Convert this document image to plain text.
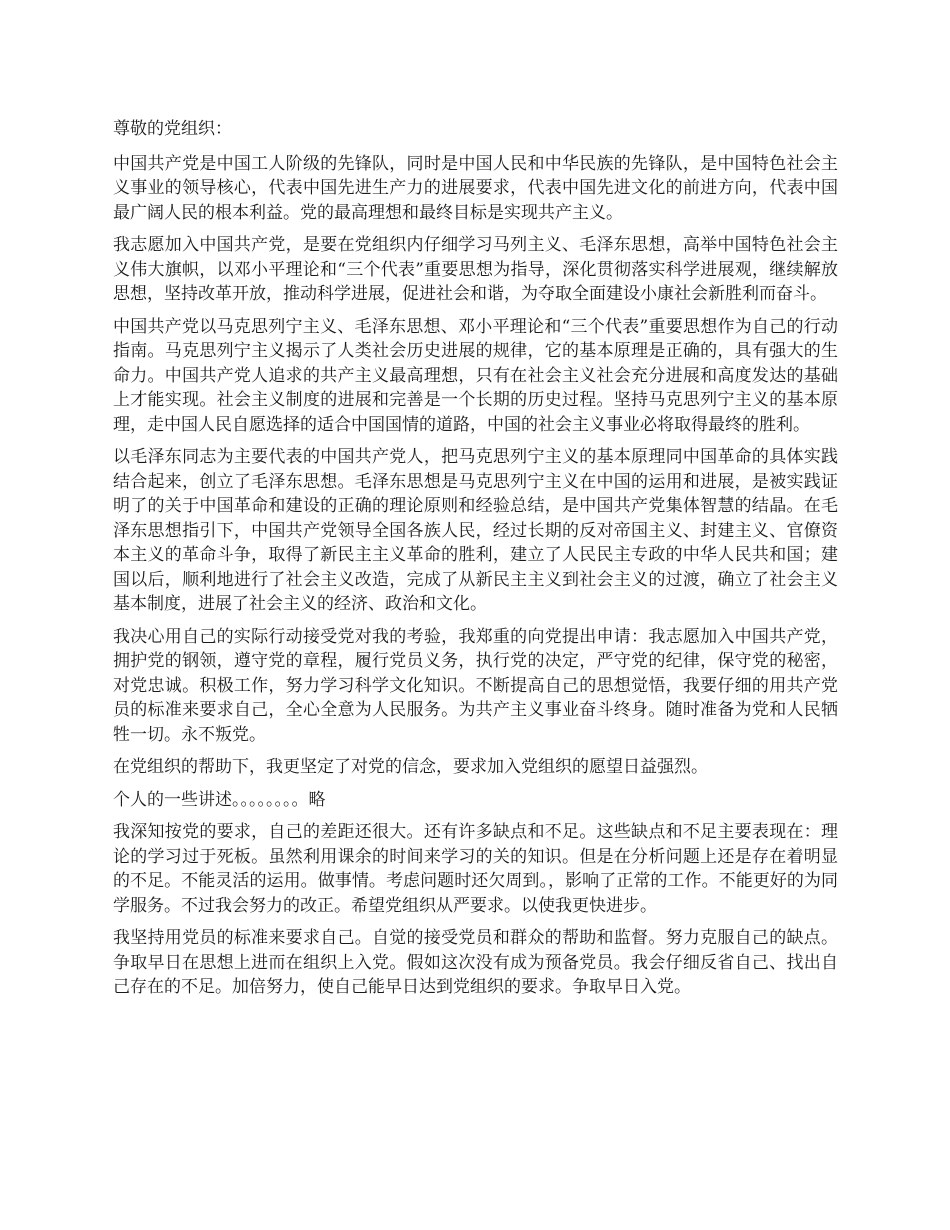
尊敬的党组织：

中国共产党是中国工人阶级的先锋队，同时是中国人民和中华民族的先锋队，是中国特色社会主义事业的领导核心，代表中国先进生产力的进展要求，代表中国先进文化的前进方向，代表中国最广阔人民的根本利益。党的最高理想和最终目标是实现共产主义。

我志愿加入中国共产党，是要在党组织内仔细学习马列主义、毛泽东思想，高举中国特色社会主义伟大旗帜，以邓小平理论和“三个代表”重要思想为指导，深化贯彻落实科学进展观，继续解放思想，坚持改革开放，推动科学进展，促进社会和谐，为夺取全面建设小康社会新胜利而奋斗。

中国共产党以马克思列宁主义、毛泽东思想、邓小平理论和“三个代表”重要思想作为自己的行动指南。马克思列宁主义揭示了人类社会历史进展的规律，它的基本原理是正确的，具有强大的生命力。中国共产党人追求的共产主义最高理想，只有在社会主义社会充分进展和高度发达的基础上才能实现。社会主义制度的进展和完善是一个长期的历史过程。坚持马克思列宁主义的基本原理，走中国人民自愿选择的适合中国国情的道路，中国的社会主义事业必将取得最终的胜利。

以毛泽东同志为主要代表的中国共产党人，把马克思列宁主义的基本原理同中国革命的具体实践结合起来，创立了毛泽东思想。毛泽东思想是马克思列宁主义在中国的运用和进展，是被实践证明了的关于中国革命和建设的正确的理论原则和经验总结，是中国共产党集体智慧的结晶。在毛泽东思想指引下，中国共产党领导全国各族人民，经过长期的反对帝国主义、封建主义、官僚资本主义的革命斗争，取得了新民主主义革命的胜利，建立了人民民主专政的中华人民共和国；建国以后，顺利地进行了社会主义改造，完成了从新民主主义到社会主义的过渡，确立了社会主义基本制度，进展了社会主义的经济、政治和文化。

我决心用自己的实际行动接受党对我的考验，我郑重的向党提出申请：我志愿加入中国共产党，拥护党的钢领，遵守党的章程，履行党员义务，执行党的决定，严守党的纪律，保守党的秘密，对党忠诚。积极工作，努力学习科学文化知识。不断提高自己的思想觉悟，我要仔细的用共产党员的标准来要求自己，全心全意为人民服务。为共产主义事业奋斗终身。随时准备为党和人民牺牲一切。永不叛党。

在党组织的帮助下，我更坚定了对党的信念，要求加入党组织的愿望日益强烈。

个人的一些讲述。。。。。。。。略

我深知按党的要求，自己的差距还很大。还有许多缺点和不足。这些缺点和不足主要表现在：理论的学习过于死板。虽然利用课余的时间来学习的关的知识。但是在分析问题上还是存在着明显的不足。不能灵活的运用。做事情。考虑问题时还欠周到。，影响了正常的工作。不能更好的为同学服务。不过我会努力的改正。希望党组织从严要求。以使我更快进步。

我坚持用党员的标准来要求自己。自觉的接受党员和群众的帮助和监督。努力克服自己的缺点。争取早日在思想上进而在组织上入党。假如这次没有成为预备党员。我会仔细反省自己、找出自己存在的不足。加倍努力，使自己能早日达到党组织的要求。争取早日入党。
